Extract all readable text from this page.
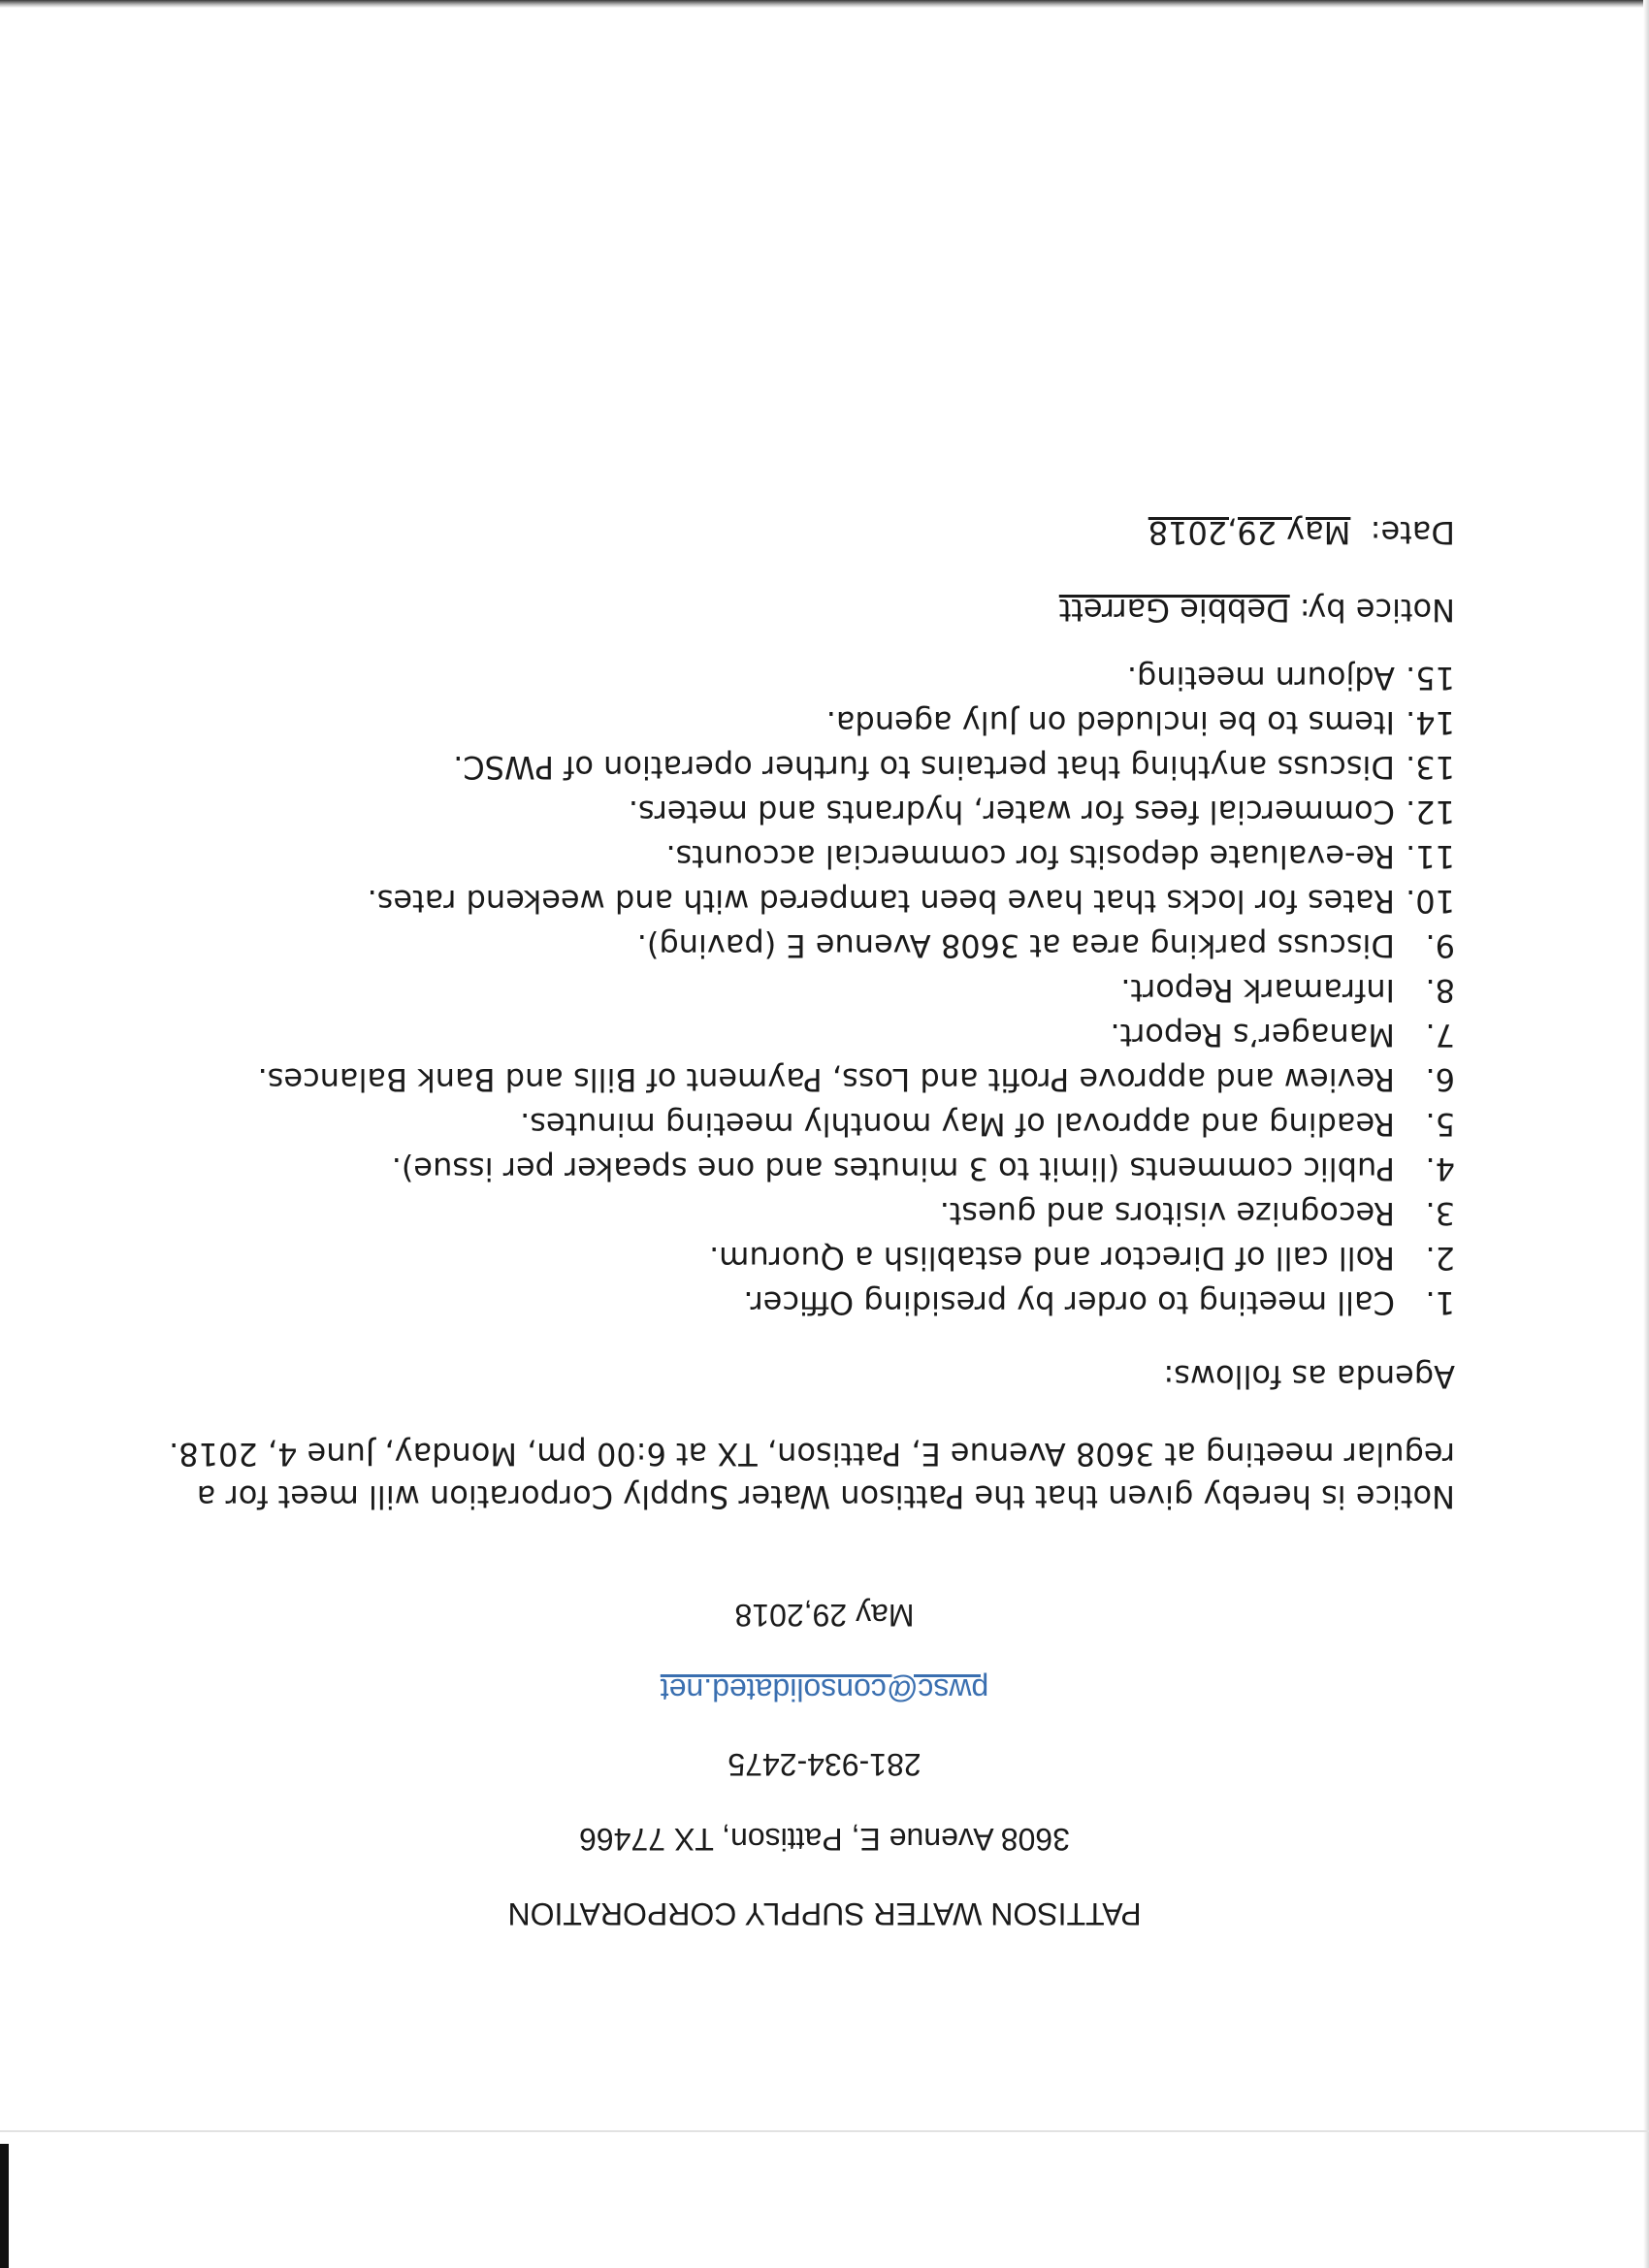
PATTISON WATER SUPPLY CORPORATION
3608 Avenue E, Pattison, TX 77466
281-934-2475
pwsc@consolidated.net
May 29,2018

Notice is hereby given that the Pattison Water Supply Corporation will meet for a regular meeting at 3608 Avenue E, Pattison, TX at 6:00 pm, Monday, June 4, 2018.

Agenda as follows:

1.
Call meeting to order by presiding Officer.
2.
Roll call of Director and establish a Quorum.
3.
Recognize visitors and guest.
4.
Public comments (limit to 3 minutes and one speaker per issue).
5.
Reading and approval of May monthly meeting minutes.
6.
Review and approve Profit and Loss, Payment of Bills and Bank Balances.
7.
Manager’s Report.
8.
Inframark Report.
9.
Discuss parking area at 3608 Avenue E (paving).
10.
Rates for locks that have been tampered with and weekend rates.
11.
Re-evaluate deposits for commercial accounts.
12.
Commercial fees for water, hydrants and meters.
13.
Discuss anything that pertains to further operation of PWSC.
14.
Items to be included on July agenda.
15.
Adjourn meeting.
Notice by: Debbie Garrett
Date:  May 29,2018
